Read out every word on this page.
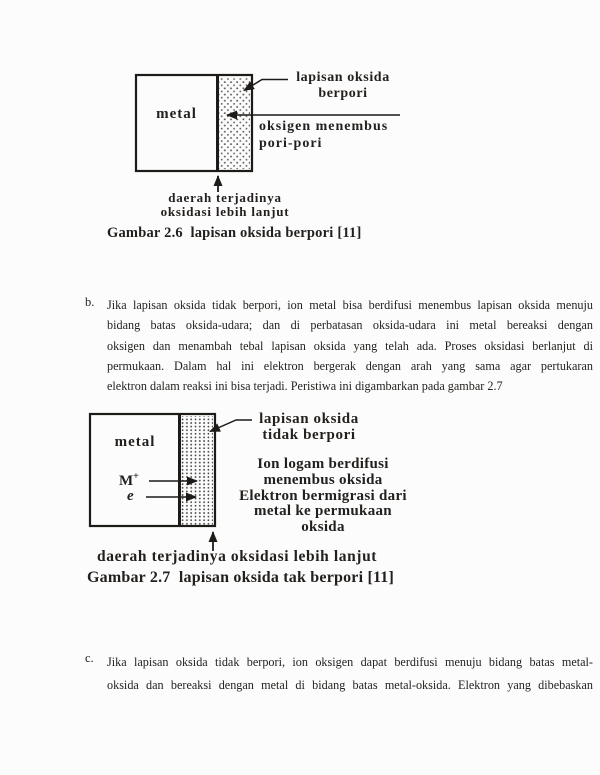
metal
lapisan oksida
berpori
oksigen menembus
pori-pori
daerah terjadinya
oksidasi lebih lanjut
Gambar 2.6  lapisan oksida berpori [11]
b. Jika lapisan oksida tidak berpori, ion metal bisa berdifusi menembus lapisan oksida menuju
bidang batas oksida-udara; dan di perbatasan oksida-udara ini metal bereaksi dengan
oksigen dan menambah tebal lapisan oksida yang telah ada. Proses oksidasi berlanjut di
permukaan. Dalam hal ini elektron bergerak dengan arah yang sama agar pertukaran
elektron dalam reaksi ini bisa terjadi. Peristiwa ini digambarkan pada gambar 2.7
metal
M+
e
lapisan oksida
tidak berpori
Ion logam berdifusi
menembus oksida
Elektron bermigrasi dari
metal ke permukaan
oksida
daerah terjadinya oksidasi lebih lanjut
Gambar 2.7  lapisan oksida tak berpori [11]
c. Jika lapisan oksida tidak berpori, ion oksigen dapat berdifusi menuju bidang batas metal-
oksida dan bereaksi dengan metal di bidang batas metal-oksida. Elektron yang dibebaskan
